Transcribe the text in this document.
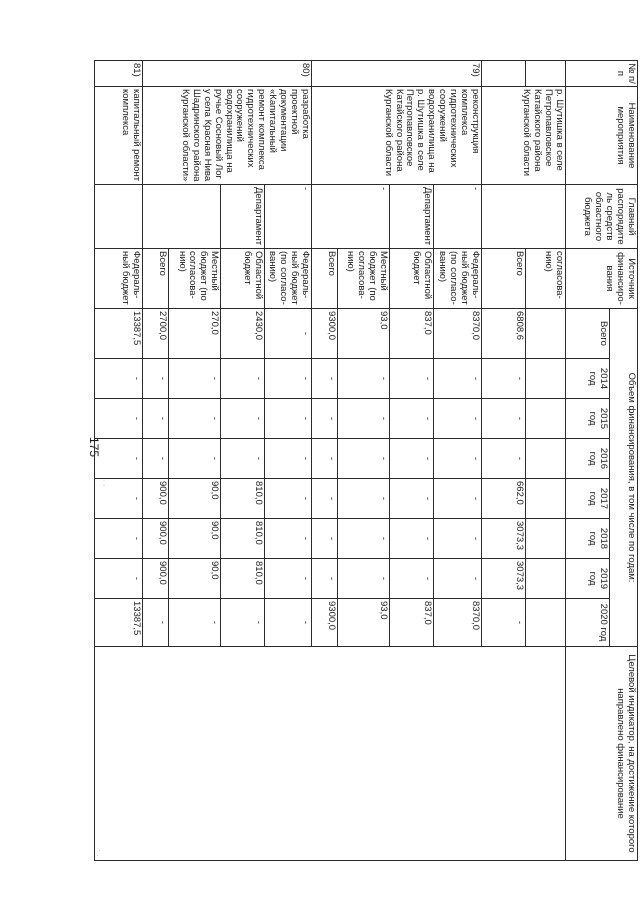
175
· ·
· .
№ п/п	Наименование мероприятия	Главный распорядитель средств областного бюджета	Источник финансиро-вания	Объем финансирования, в том числе по годам:								Целевой индикатор, на достижение которого направлено финансирование
				Всего	2014 год	2015 год	2016 год	2017 год	2018 год	2019 год	2020 год	
	р. Шутишка в селе Петропавловское Катайского района Курганской области		согласова-нию)									
			Всего	6808,6	-	-	-	662,0	3073,3	3073,3	-	
79)	реконструкция комплекса гидротехнических сооружений водохранилища на р. Шутишка в селе Петропавловское Катайского района Курганской области	-	Федераль-ный бюджет (по согласо-ванию)	8370,0	-	-	-	-	-	-	8370,0	
		Департамент	Областной бюджет	837,0	-	-	-	-	-	-	837,0	
		-	Местный бюджет (по согласова-нию)	93,0	-	-	-	-	-	-	93,0	
			Всего	9300,0	-	-	-	-	-	-	9300,0	
80)	разработка проектной документации «Капитальный ремонт комплекса гидротехнических сооружений водохранилища на ручье Сосновый Лог у села Красная Нива Шадринского района Курганской области»	-	Федераль-ный бюджет (по согласо-ванию)	-	-	-	-	-	-	-	-	
		Департамент	Областной бюджет	2430,0	-	-	-	810,0	810,0	810,0	-	
			Местный бюджет (по согласова-нию)	270,0	-	-	-	90,0	90,0	90,0	-	
			Всего	2700,0	-	-	-	900,0	900,0	900,0	-	
81)	капитальный ремонт комплекса		Федераль-ный бюджет	13387,5	-	-	-	-	-	-	13387,5	
